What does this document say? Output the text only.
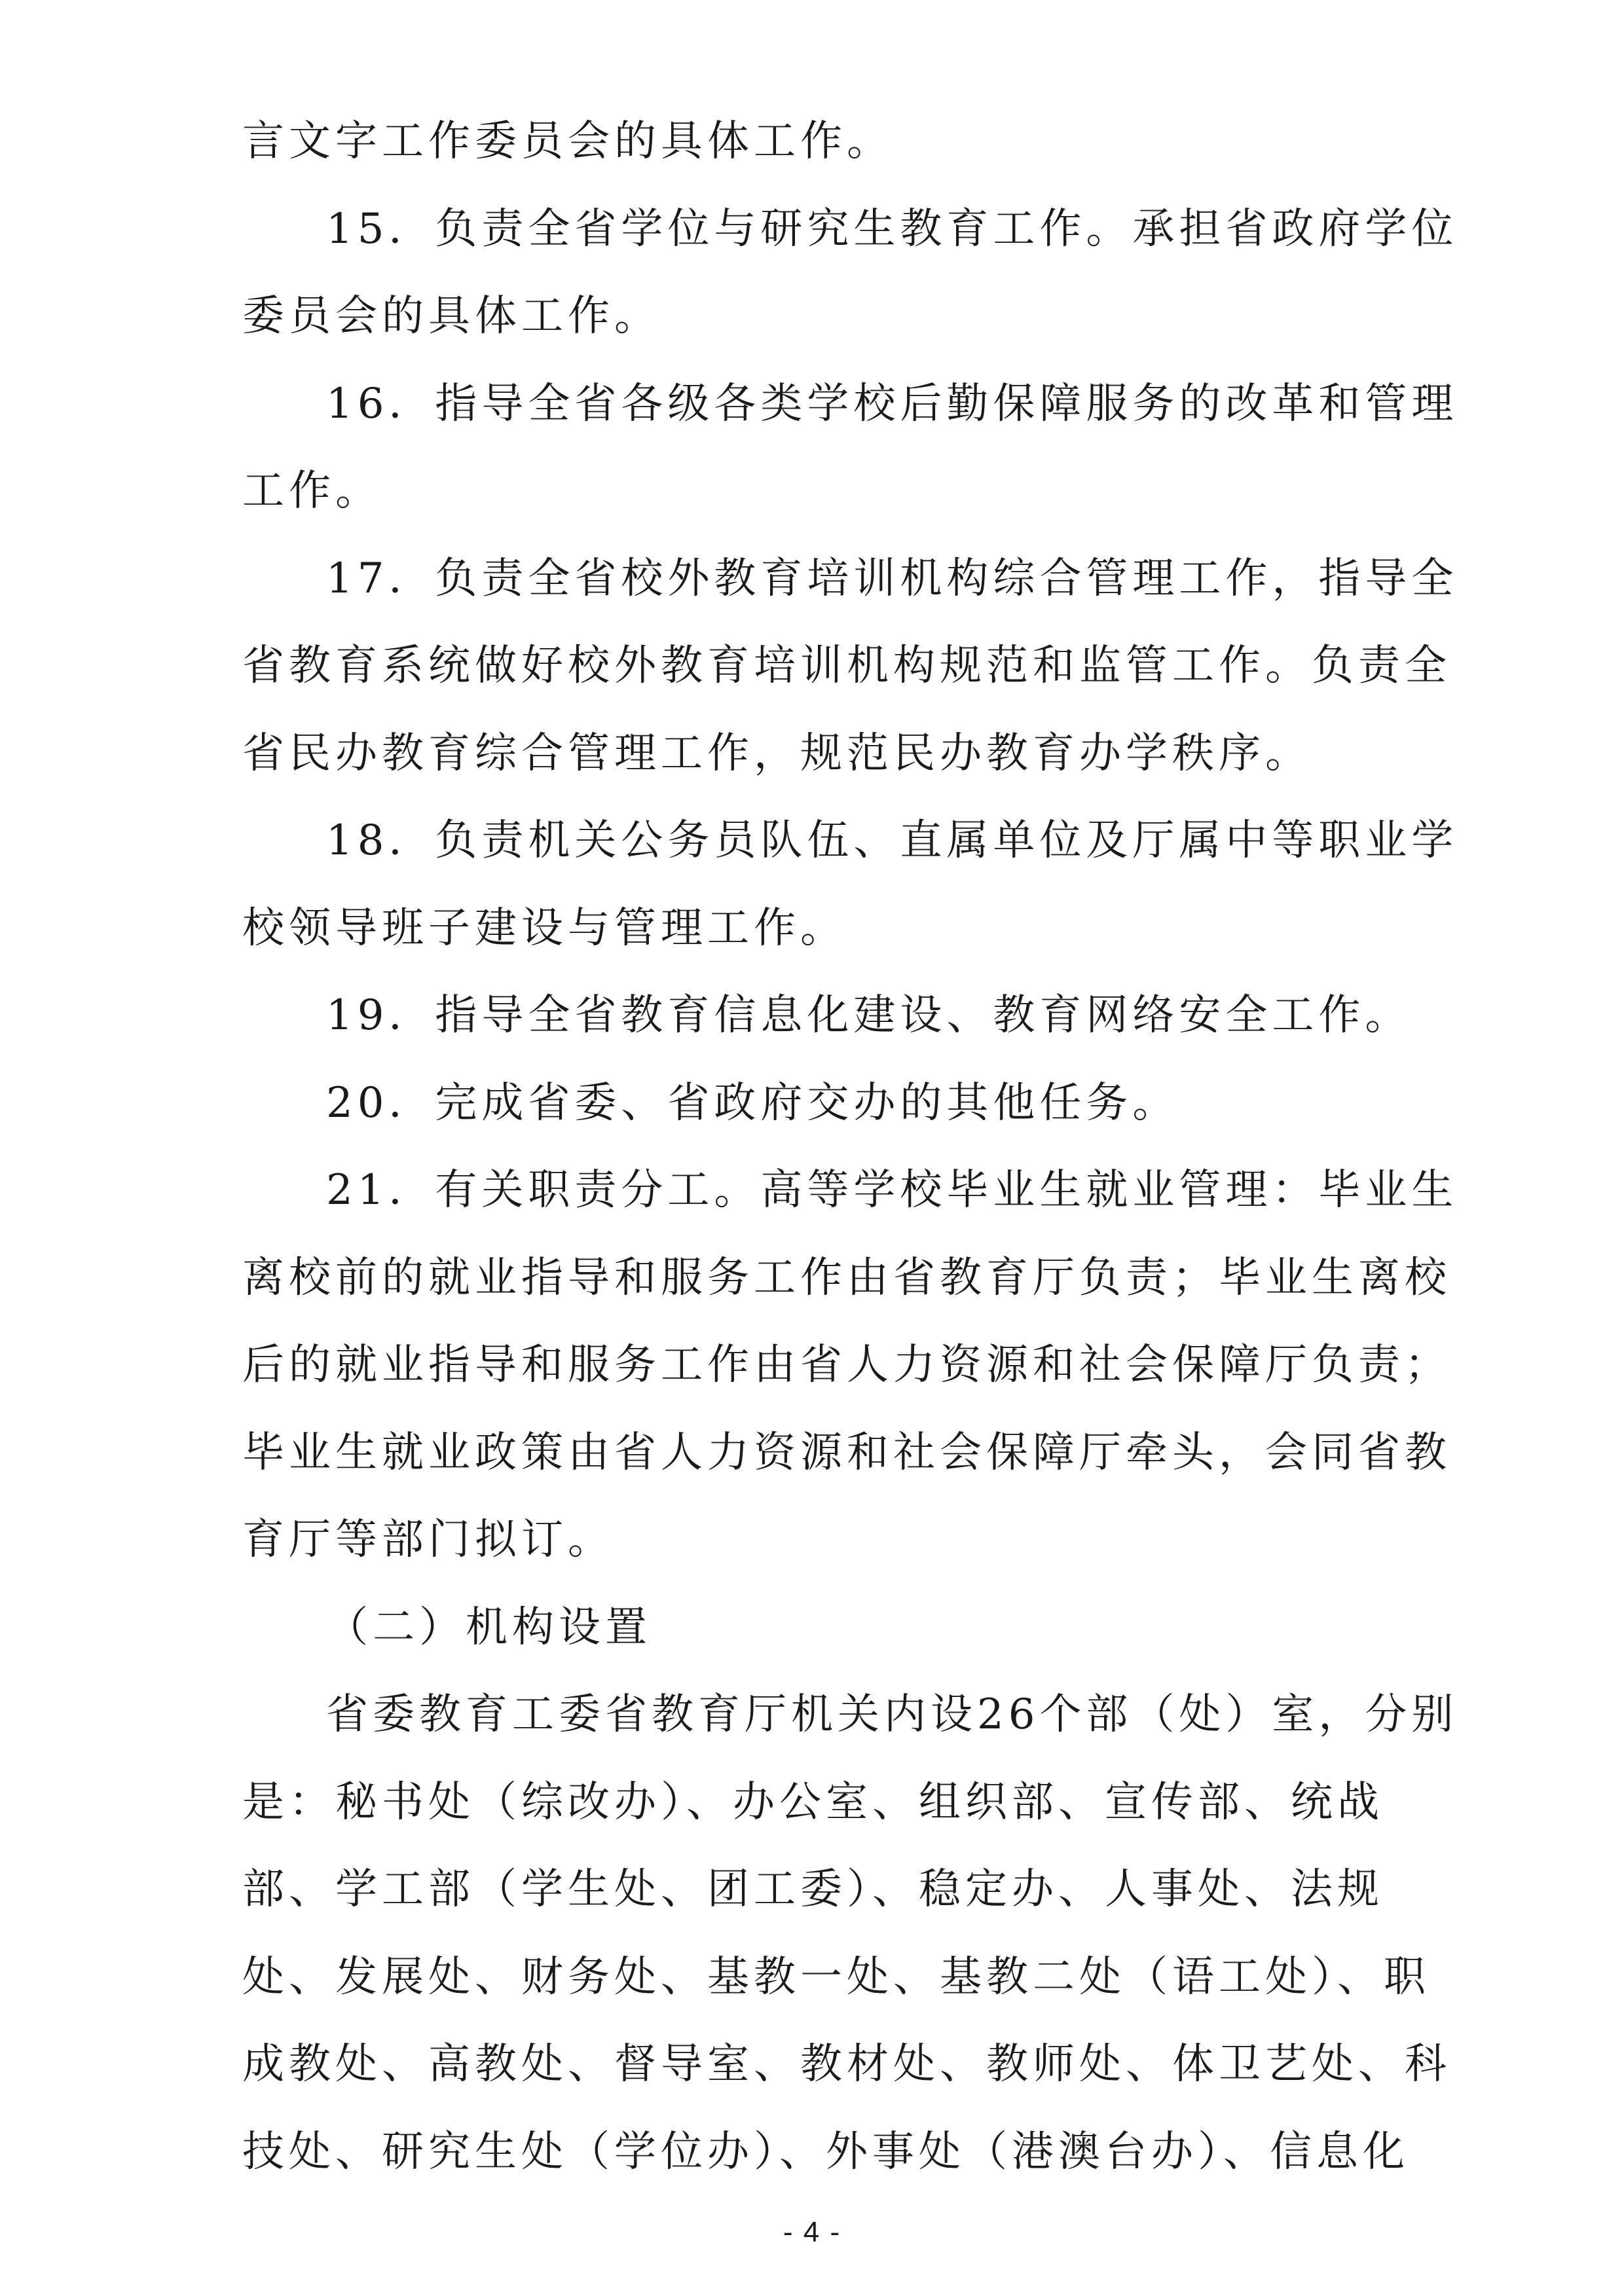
言文字工作委员会的具体工作。
15．负责全省学位与研究生教育工作。承担省政府学位
委员会的具体工作。
16．指导全省各级各类学校后勤保障服务的改革和管理
工作。
17．负责全省校外教育培训机构综合管理工作，指导全
省教育系统做好校外教育培训机构规范和监管工作。负责全
省民办教育综合管理工作，规范民办教育办学秩序。
18．负责机关公务员队伍、直属单位及厅属中等职业学
校领导班子建设与管理工作。
19．指导全省教育信息化建设、教育网络安全工作。
20．完成省委、省政府交办的其他任务。
21．有关职责分工。高等学校毕业生就业管理：毕业生
离校前的就业指导和服务工作由省教育厅负责；毕业生离校
后的就业指导和服务工作由省人力资源和社会保障厅负责；
毕业生就业政策由省人力资源和社会保障厅牵头，会同省教
育厅等部门拟订。
（二）机构设置
省委教育工委省教育厅机关内设26个部（处）室，分别
是：秘书处（综改办）、办公室、组织部、宣传部、统战
部、学工部（学生处、团工委）、稳定办、人事处、法规
处、发展处、财务处、基教一处、基教二处（语工处）、职
成教处、高教处、督导室、教材处、教师处、体卫艺处、科
技处、研究生处（学位办）、外事处（港澳台办）、信息化
- 4 -
